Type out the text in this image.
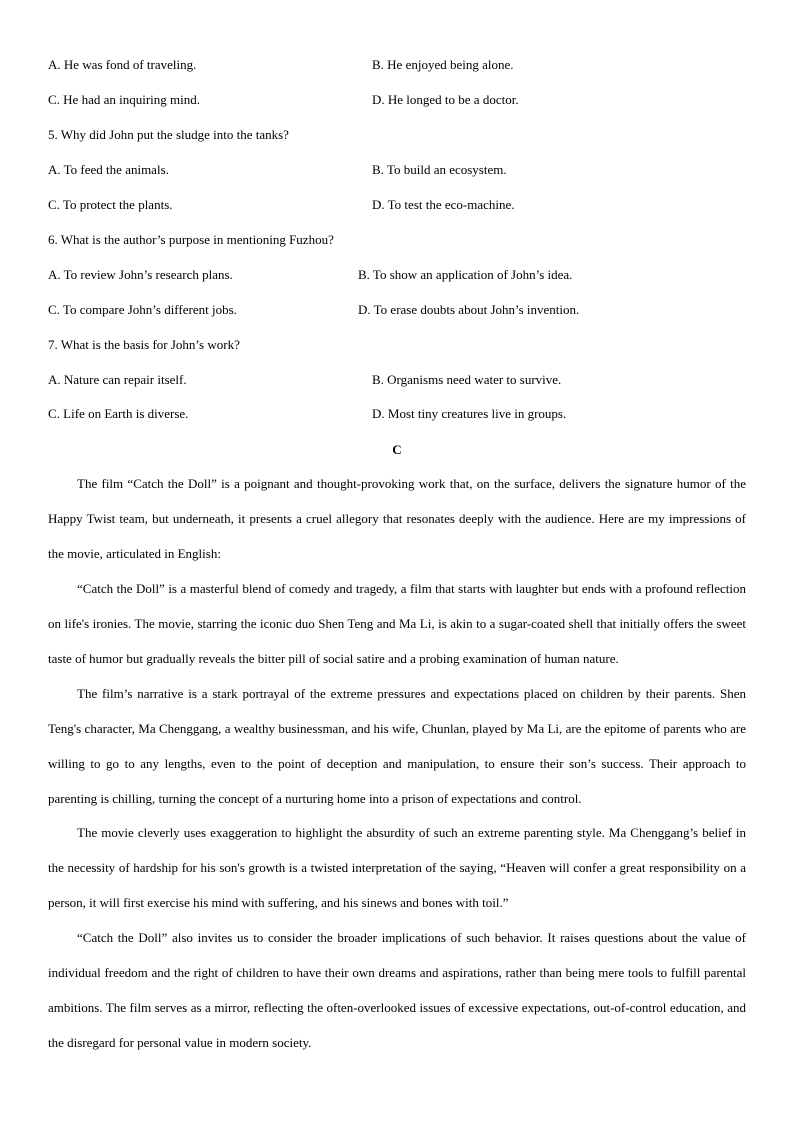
A. He was fond of traveling.	B. He enjoyed being alone.
C. He had an inquiring mind.	D. He longed to be a doctor.
5. Why did John put the sludge into the tanks?
A. To feed the animals.	B. To build an ecosystem.
C. To protect the plants.	D. To test the eco-machine.
6. What is the author’s purpose in mentioning Fuzhou?
A. To review John’s research plans.	B. To show an application of John’s idea.
C. To compare John’s different jobs.	D. To erase doubts about John’s invention.
7. What is the basis for John’s work?
A. Nature can repair itself.	B. Organisms need water to survive.
C. Life on Earth is diverse.	D. Most tiny creatures live in groups.
C

The film “Catch the Doll” is a poignant and thought-provoking work that, on the surface, delivers the signature humor of the Happy Twist team, but underneath, it presents a cruel allegory that resonates deeply with the audience. Here are my impressions of the movie, articulated in English:

“Catch the Doll” is a masterful blend of comedy and tragedy, a film that starts with laughter but ends with a profound reflection on life's ironies. The movie, starring the iconic duo Shen Teng and Ma Li, is akin to a sugar-coated shell that initially offers the sweet taste of humor but gradually reveals the bitter pill of social satire and a probing examination of human nature.

The film’s narrative is a stark portrayal of the extreme pressures and expectations placed on children by their parents. Shen Teng's character, Ma Chenggang, a wealthy businessman, and his wife, Chunlan, played by Ma Li, are the epitome of parents who are willing to go to any lengths, even to the point of deception and manipulation, to ensure their son’s success. Their approach to parenting is chilling, turning the concept of a nurturing home into a prison of expectations and control.

The movie cleverly uses exaggeration to highlight the absurdity of such an extreme parenting style. Ma Chenggang’s belief in the necessity of hardship for his son's growth is a twisted interpretation of the saying, “Heaven will confer a great responsibility on a person, it will first exercise his mind with suffering, and his sinews and bones with toil.”

“Catch the Doll” also invites us to consider the broader implications of such behavior. It raises questions about the value of individual freedom and the right of children to have their own dreams and aspirations, rather than being mere tools to fulfill parental ambitions. The film serves as a mirror, reflecting the often-overlooked issues of excessive expectations, out-of-control education, and the disregard for personal value in modern society.
